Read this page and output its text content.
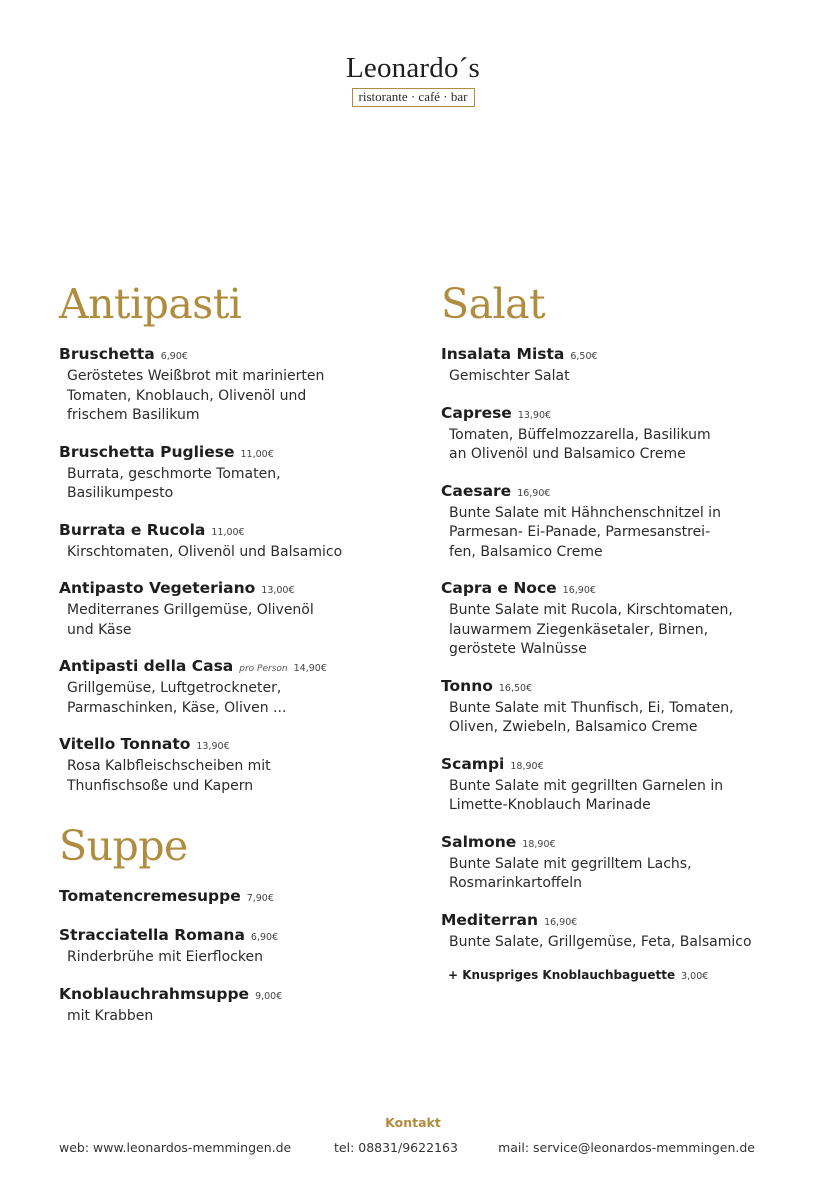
Leonardo´s
ristorante · café · bar
Antipasti
Bruschetta 6,90€
Geröstetes Weißbrot mit marinierten
Tomaten, Knoblauch, Olivenöl und
frischem Basilikum
Bruschetta Pugliese 11,00€
Burrata, geschmorte Tomaten,
Basilikumpesto
Burrata e Rucola 11,00€
Kirschtomaten, Olivenöl und Balsamico
Antipasto Vegeteriano 13,00€
Mediterranes Grillgemüse, Olivenöl
und Käse
Antipasti della Casa pro Person 14,90€
Grillgemüse, Luftgetrockneter,
Parmaschinken, Käse, Oliven ...
Vitello Tonnato 13,90€
Rosa Kalbfleischscheiben mit
Thunfischsoße und Kapern
Suppe
Tomatencremesuppe 7,90€
Stracciatella Romana 6,90€
Rinderbrühe mit Eierflocken
Knoblauchrahmsuppe 9,00€
mit Krabben
Salat
Insalata Mista 6,50€
Gemischter Salat
Caprese 13,90€
Tomaten, Büffelmozzarella, Basilikum
an Olivenöl und Balsamico Creme
Caesare 16,90€
Bunte Salate mit Hähnchenschnitzel in
Parmesan- Ei-Panade, Parmesanstrei-
fen, Balsamico Creme
Capra e Noce 16,90€
Bunte Salate mit Rucola, Kirschtomaten,
lauwarmem Ziegenkäsetaler, Birnen,
geröstete Walnüsse
Tonno 16,50€
Bunte Salate mit Thunfisch, Ei, Tomaten,
Oliven, Zwiebeln, Balsamico Creme
Scampi 18,90€
Bunte Salate mit gegrillten Garnelen in
Limette-Knoblauch Marinade
Salmone 18,90€
Bunte Salate mit gegrilltem Lachs,
Rosmarinkartoffeln
Mediterran 16,90€
Bunte Salate, Grillgemüse, Feta, Balsamico
+ Knuspriges Knoblauchbaguette 3,00€
Kontakt
web: www.leonardos-memmingen.de	tel: 08831/9622163	mail: service@leonardos-memmingen.de
